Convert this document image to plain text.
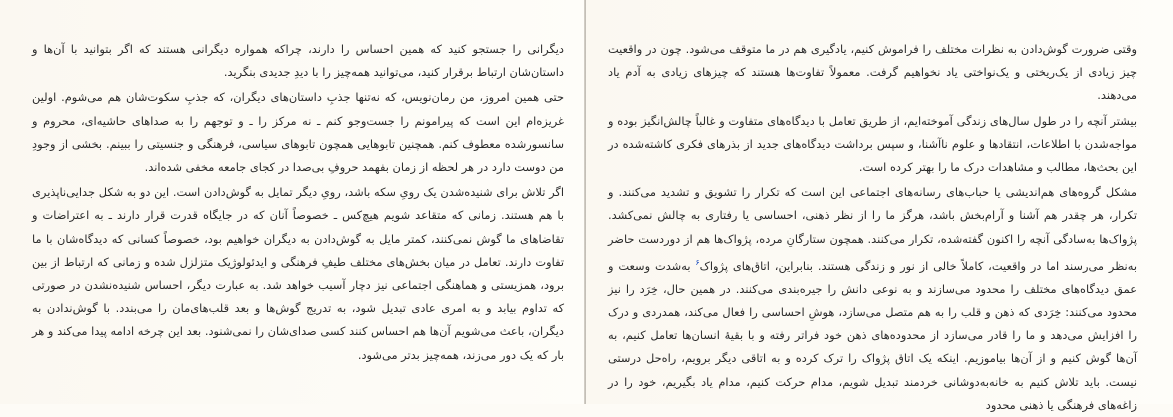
دیگرانی را جستجو کنید که همین احساس را دارند، چراکه همواره دیگرانی هستند که اگر بتوانید با آن‌ها و داستان‌شان ارتباط برقرار کنید، می‌توانید همه‌چیز را با دیدِ جدیدی بنگرید.

حتی همین امروز، من رمان‌نویس، که نه‌تنها جذبِ داستان‌های دیگران، که جذبِ سکوت‌شان هم می‌شوم. اولین غریزه‌ام این است که پیرامونم را جست‌وجو کنم ـ نه مرکز را ـ و توجهم را به صداهای حاشیه‌ای، محروم و سانسورشده معطوف کنم. همچنین تابوهایی همچون تابوهای سیاسی، فرهنگی و جنسیتی را ببینم. بخشی از وجودِ من دوست دارد در هر لحظه از زمان بفهمد حروفِ بی‌صدا در کجای جامعه مخفی شده‌اند.

اگر تلاش برای شنیده‌شدن یک رویِ سکه باشد، رویِ دیگر تمایل به گوش‌دادن است. این دو به شکل جدایی‌ناپذیری با هم هستند. زمانی که متقاعد شویم هیچ‌کس ـ خصوصاً آنان که در جایگاه قدرت قرار دارند ـ به اعتراضات و تقاضاهای ما گوش نمی‌کنند، کمتر مایل به گوش‌دادن به دیگران خواهیم بود، خصوصاً کسانی که دیدگاه‌شان با ما تفاوت دارند. تعامل در میان بخش‌های مختلف طیفِ فرهنگی و ایدئولوژیک متزلزل شده و زمانی که ارتباط از بین برود، همزیستی و هماهنگی اجتماعی نیز دچار آسیب خواهد شد. به عبارت دیگر، احساس شنیده‌نشدن در صورتی که تداوم بیابد و به امری عادی تبدیل شود، به تدریج گوش‌ها و بعد قلب‌های‌مان را می‌بندد. با گوش‌ندادن به دیگران، باعث می‌شویم آن‌ها هم احساس کنند کسی صدای‌شان را نمی‌شنود. بعد این چرخه ادامه پیدا می‌کند و هر بار که یک دور می‌زند، همه‌چیز بدتر می‌شود.

وقتی ضرورت گوش‌دادن به نظرات مختلف را فراموش کنیم، یادگیری هم در ما متوقف می‌شود. چون در واقعیت چیز زیادی از یک‌ریختی و یک‌نواختی یاد نخواهیم گرفت. معمولاً تفاوت‌ها هستند که چیزهای زیادی به آدم یاد می‌دهند.

بیشتر آنچه را در طول سال‌های زندگی آموخته‌ایم، از طریق تعامل با دیدگاه‌های متفاوت و غالباً چالش‌انگیز بوده و مواجه‌شدن با اطلاعات، انتقادها و علوم ناآشنا، و سپس برداشت دیدگاه‌های جدید از بذرهای فکری کاشته‌شده در این بحث‌ها، مطالب و مشاهدات درک ما را بهتر کرده است.

مشکل گروه‌های هم‌اندیشی یا حباب‌های رسانه‌های اجتماعی این است که تکرار را تشویق و تشدید می‌کنند. و تکرار، هر چقدر هم آشنا و آرام‌بخش باشد، هرگز ما را از نظر ذهنی، احساسی یا رفتاری به چالش نمی‌کشد. پژواک‌ها به‌سادگی آنچه را اکنون گفته‌شده، تکرار می‌کنند. همچون ستارگانِ مرده، پژواک‌ها هم از دوردست حاضر به‌نظر می‌رسند اما در واقعیت، کاملاً خالی از نور و زندگی هستند. بنابراین، اتاق‌های پژواک$^۶$ به‌شدت وسعت و عمق دیدگاه‌های مختلف را محدود می‌سازند و به نوعی دانش را جیره‌بندی می‌کنند. در همین حال، خِرَد را نیز محدود می‌کنند: خِرَدی که ذهن و قلب را به هم متصل می‌سازد، هوشِ احساسی را فعال می‌کند، همدردی و درک را افزایش می‌دهد و ما را قادر می‌سازد از محدوده‌های ذهن خود فراتر رفته و با بقیهٔ انسان‌ها تعامل کنیم، به آن‌ها گوش کنیم و از آن‌ها بیاموزیم. اینکه یک اتاق پژواک را ترک کرده و به اتاقی دیگر برویم، راه‌حل درستی نیست. باید تلاش کنیم به خانه‌به‌دوشانی خردمند تبدیل شویم، مدام حرکت کنیم، مدام یاد بگیریم، خود را در زاغه‌های فرهنگی یا ذهنی محدود
